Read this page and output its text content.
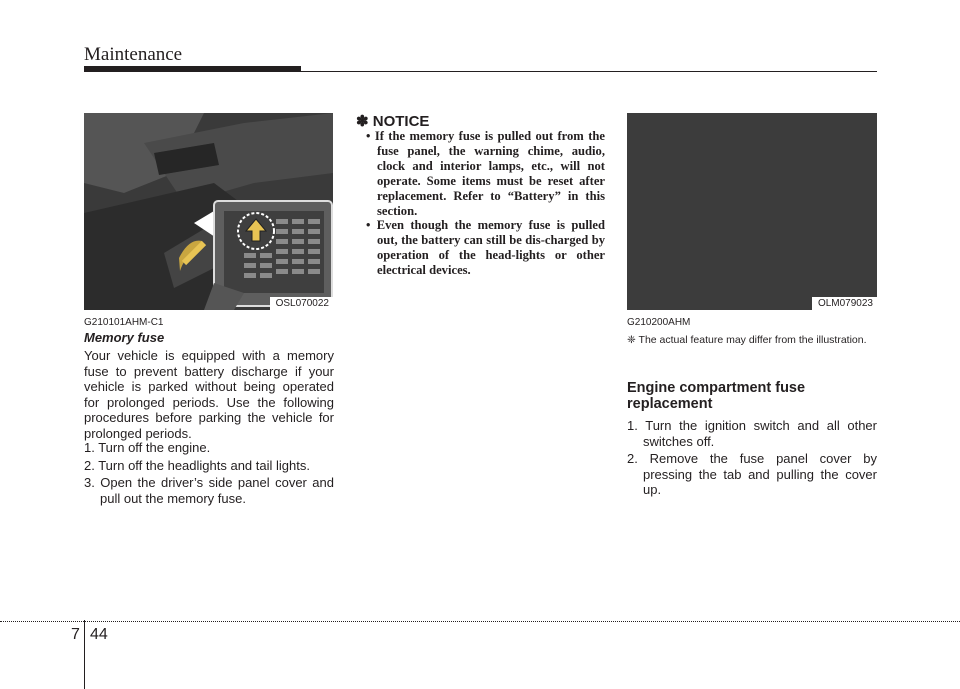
Maintenance
OSL070022
G210101AHM-C1
Memory fuse
Your vehicle is equipped with a memory fuse to prevent battery discharge if your vehicle is parked without being operated for prolonged periods. Use the following procedures before parking the vehicle for prolonged periods.
1. Turn off the engine.
2. Turn off the headlights and tail lights.
3. Open the driver’s side panel cover and pull out the memory fuse.
✽ NOTICE
• If the memory fuse is pulled out from the fuse panel, the warning chime, audio, clock and interior lamps, etc., will not operate. Some items must be reset after replacement. Refer to “Battery” in this section.
• Even though the memory fuse is pulled out, the battery can still be dis-charged by operation of the head-lights or other electrical devices.
OLM079023
G210200AHM
❈ The actual feature may differ from the illustration.
Engine compartment fuse replacement
1. Turn the ignition switch and all other switches off.
2. Remove the fuse panel cover by pressing the tab and pulling the cover up.
7 44
